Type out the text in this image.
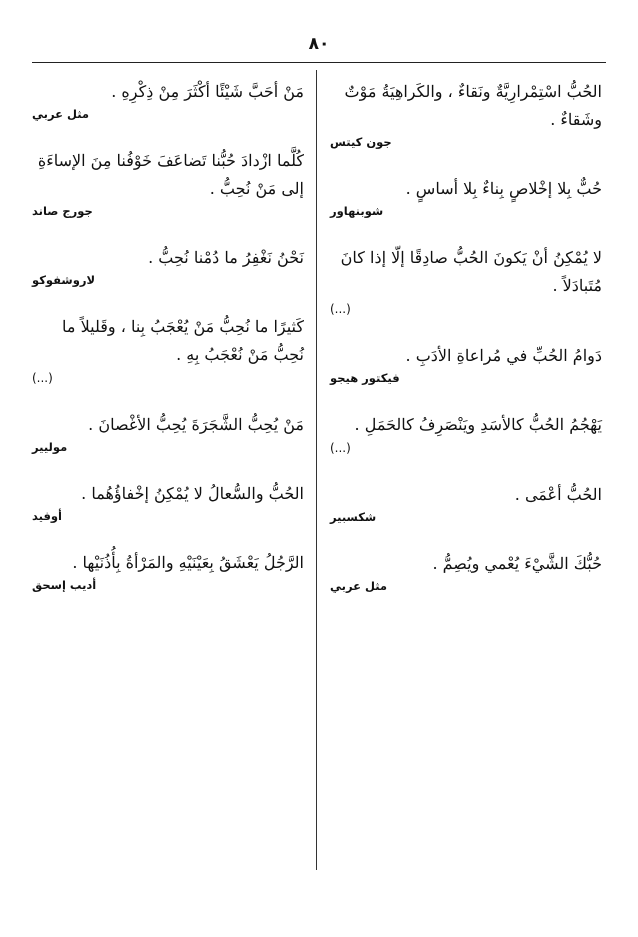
٨٠
الحُبُّ اسْتِمْرارِيَّةٌ ونَقاءٌ ، والكَراهِيَةُ مَوْتٌ وشَقاءٌ .
جون كيتس
حُبٌّ بِلا إخْلاصٍ بِناءٌ بِلا أساسٍ .
شوبنهاور
لا يُمْكِنُ أنْ يَكونَ الحُبُّ صادِقًا إلّا إذا كانَ مُتَبادَلاً .
(...)
دَوامُ الحُبِّ في مُراعاةِ الأدَبِ .
فيكتور هيجو
يَهْجُمُ الحُبُّ كالأسَدِ ويَنْصَرِفُ كالحَمَلِ .
(...)
الحُبُّ أعْمَى .
شكسبير
حُبُّكَ الشَّيْءَ يُعْمي ويُصِمُّ .
مثل عربي
مَنْ أحَبَّ شَيْئًا أكْثَرَ مِنْ ذِكْرِهِ .
مثل عربي
كُلَّما ازْدادَ حُبُّنا تَضاعَفَ خَوْفُنا مِنَ الإساءَةِ إلى مَنْ نُحِبُّ .
جورج صاند
نَحْنُ نَغْفِرُ ما دُمْنا نُحِبُّ .
لاروشفوكو
كَثيرًا ما نُحِبُّ مَنْ يُعْجَبُ بِنا ، وقَليلاً ما نُحِبُّ مَنْ نُعْجَبُ بِهِ .
(...)
مَنْ يُحِبُّ الشَّجَرَةَ يُحِبُّ الأغْصانَ .
موليير
الحُبُّ والسُّعالُ لا يُمْكِنُ إخْفاؤُهُما .
أوفيد
الرَّجُلُ يَعْشَقُ بِعَيْنَيْهِ والمَرْأةُ بِأُذُنَيْها .
أديب إسحق
